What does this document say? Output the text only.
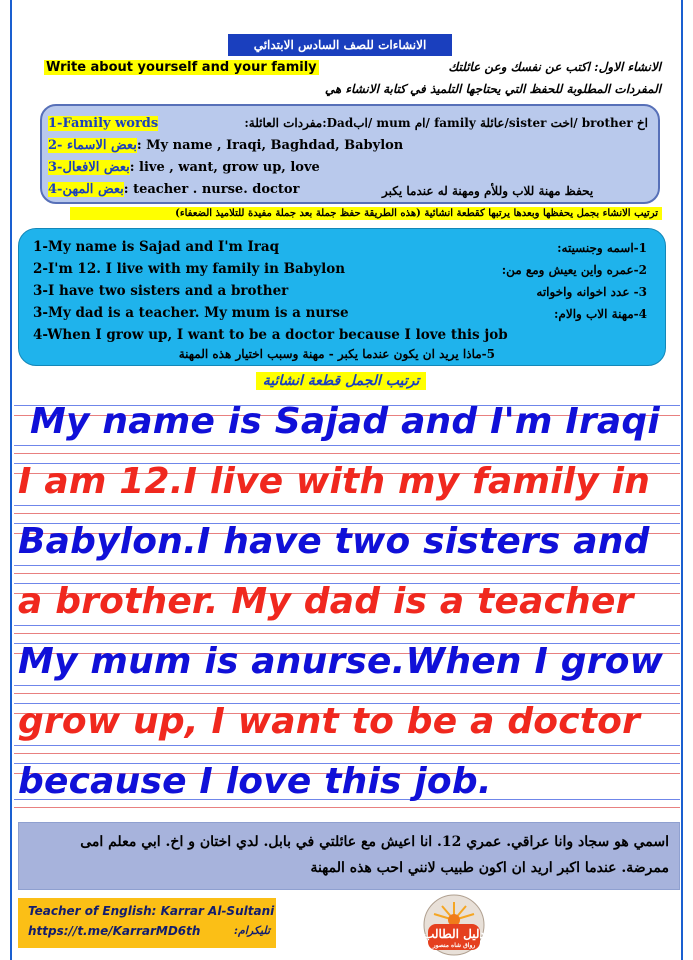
الانشاءات للصف السادس الابتدائي
الانشاء الاول: اكتب عن نفسك وعن عائلتك
Write about yourself and your family
المفردات المطلوبة للحفظ التي يحتاجها التلميذ في كتابة الانشاء هي
1-Family words	اخ brother /اخت sister/عائلة family /ام mum /ابDad:مفردات العائلة:
بعض الاسماء -2: My name , Iraqi, Baghdad, Babylon
بعض الافعال-3: live , want, grow up, love
بعض المهن-4: teacher . nurse. doctor	يحفظ مهنة للاب وللأم ومهنة له عندما يكبر
ترتيب الانشاء بجمل يحفظها وبعدها يرتبها كقطعة انشائية (هذه الطريقة حفظ جملة بعد جملة مفيدة للتلاميذ الضعفاء)
1-My name is Sajad and I'm Iraq	1-اسمه وجنسيته:
2-I'm 12. I live with my family in Babylon	2-عمره واين يعيش ومع من:
3-I have two sisters and a brother	3- عدد اخوانه واخواته
3-My dad is a teacher. My mum is a nurse	4-مهنة الاب والام:
4-When I grow up, I want to be a doctor because I love this job
5-ماذا يريد ان يكون عندما يكبر - مهنة وسبب اختيار هذه المهنة
ترتيب الجمل قطعة انشائية
My name is Sajad and I'm Iraqi
I am 12.I live with my family in
Babylon.I have two sisters and
a brother. My dad is a teacher
My mum is anurse.When I grow
grow up, I want to be a doctor
because I love this job.

اسمي هو سجاد وانا عراقي. عمري 12. انا اعيش مع عائلتي في بابل. لدي اختان و اخ. ابي معلم امى ممرضة. عندما اكبر اريد ان اكون طبيب لانني احب هذه المهنة

Teacher of English: Karrar Al-Sultani
https://t.me/KarrarMD6th	تليكرام:	دليل الطالب
رواق شاه منصور
